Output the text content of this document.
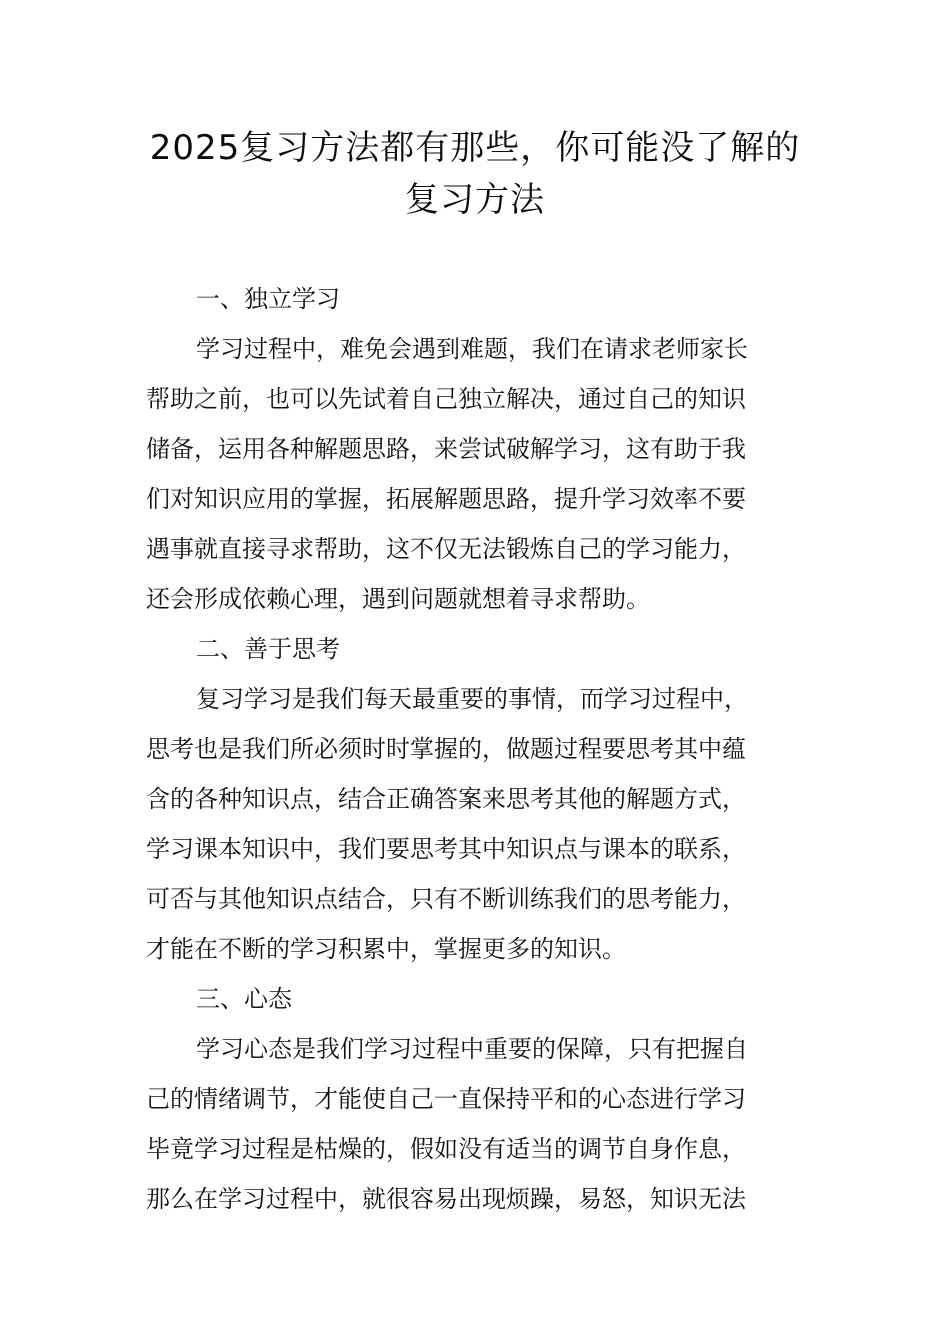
2025复习方法都有那些，你可能没了解的
复习方法
一、独立学习

学习过程中，难免会遇到难题，我们在请求老师家长
帮助之前，也可以先试着自己独立解决，通过自己的知识
储备，运用各种解题思路，来尝试破解学习，这有助于我
们对知识应用的掌握，拓展解题思路，提升学习效率不要
遇事就直接寻求帮助，这不仅无法锻炼自己的学习能力，
还会形成依赖心理，遇到问题就想着寻求帮助。

二、善于思考

复习学习是我们每天最重要的事情，而学习过程中，
思考也是我们所必须时时掌握的，做题过程要思考其中蕴
含的各种知识点，结合正确答案来思考其他的解题方式，
学习课本知识中，我们要思考其中知识点与课本的联系，
可否与其他知识点结合，只有不断训练我们的思考能力，
才能在不断的学习积累中，掌握更多的知识。

三、心态

学习心态是我们学习过程中重要的保障，只有把握自
己的情绪调节，才能使自己一直保持平和的心态进行学习
毕竟学习过程是枯燥的，假如没有适当的调节自身作息，
那么在学习过程中，就很容易出现烦躁，易怒，知识无法
